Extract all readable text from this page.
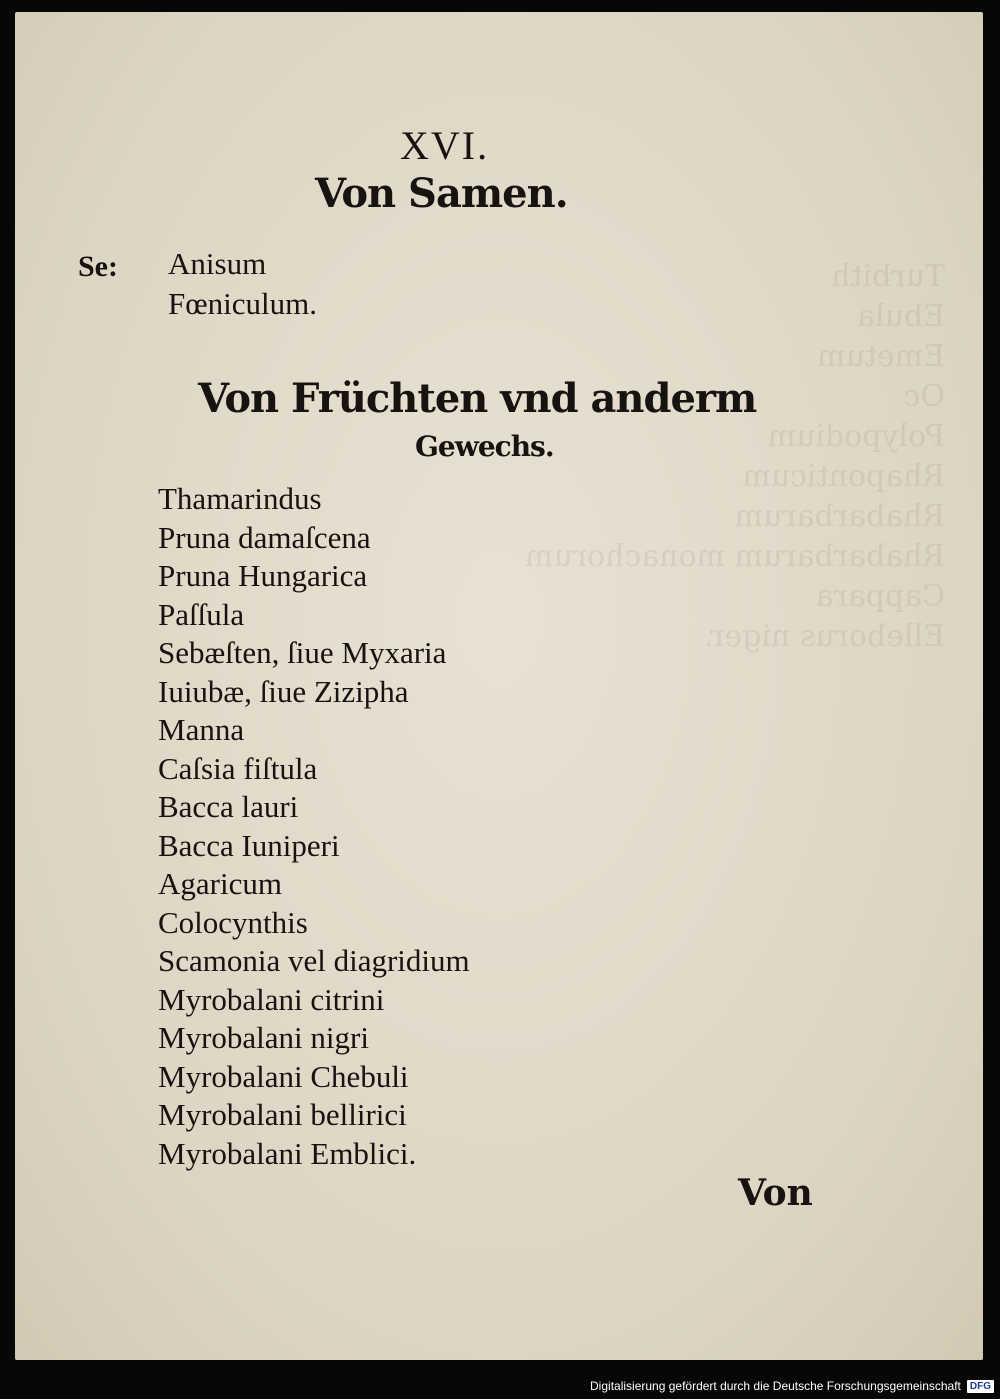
Turbith
Ebula
Emetum
Oc
Polypodium
Rhaponticum
Rhabarbarum
Rhabarbarum monachorum
Cappara
Elleborus niger.
XVI.
Von Samen.
Se: Anisum
Fœniculum.
Von Früchten vnd anderm
Gewechs.
Thamarindus
Pruna damaſcena
Pruna Hungarica
Paſſula
Sebæſten, ſiue Myxaria
Iuiubæ, ſiue Zizipha
Manna
Caſsia fiſtula
Bacca lauri
Bacca Iuniperi
Agaricum
Colocynthis
Scamonia vel diagridium
Myrobalani citrini
Myrobalani nigri
Myrobalani Chebuli
Myrobalani bellirici
Myrobalani Emblici.
Von
Digitalisierung gefördert durch die Deutsche Forschungsgemeinschaft DFG
